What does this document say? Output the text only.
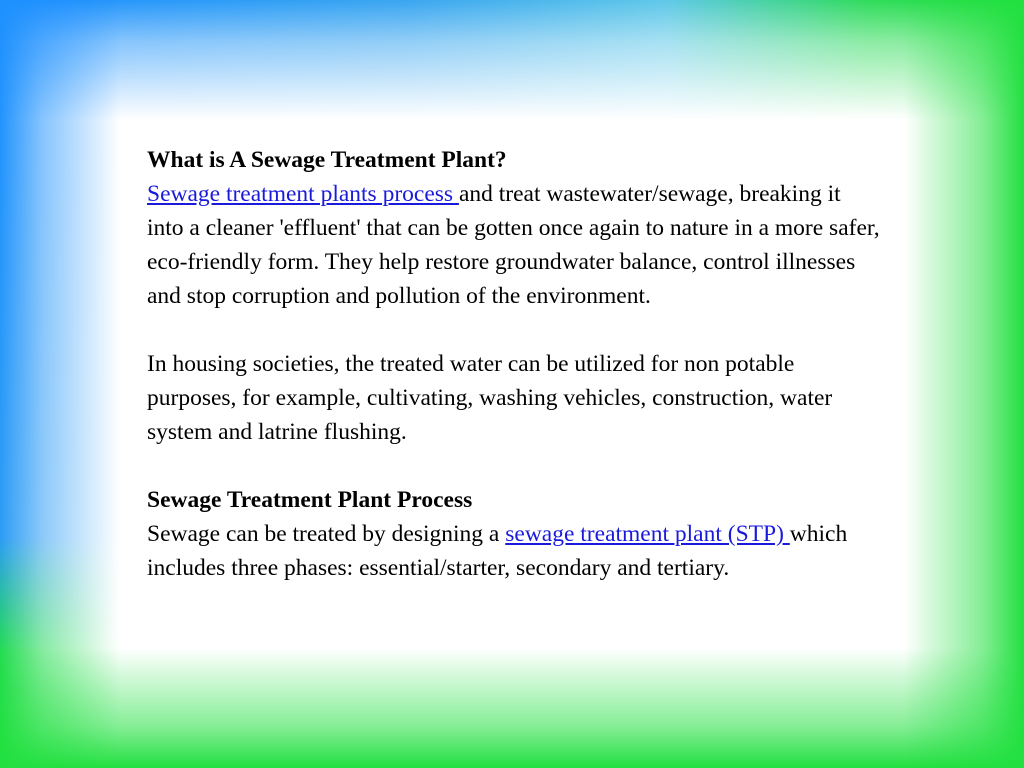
What is A Sewage Treatment Plant?

Sewage treatment plants process and treat wastewater/sewage, breaking it into a cleaner 'effluent' that can be gotten once again to nature in a more safer, eco-friendly form. They help restore groundwater balance, control illnesses and stop corruption and pollution of the environment.

In housing societies, the treated water can be utilized for non potable purposes, for example, cultivating, washing vehicles, construction, water system and latrine flushing.

Sewage Treatment Plant Process

Sewage can be treated by designing a sewage treatment plant (STP) which includes three phases: essential/starter, secondary and tertiary.
